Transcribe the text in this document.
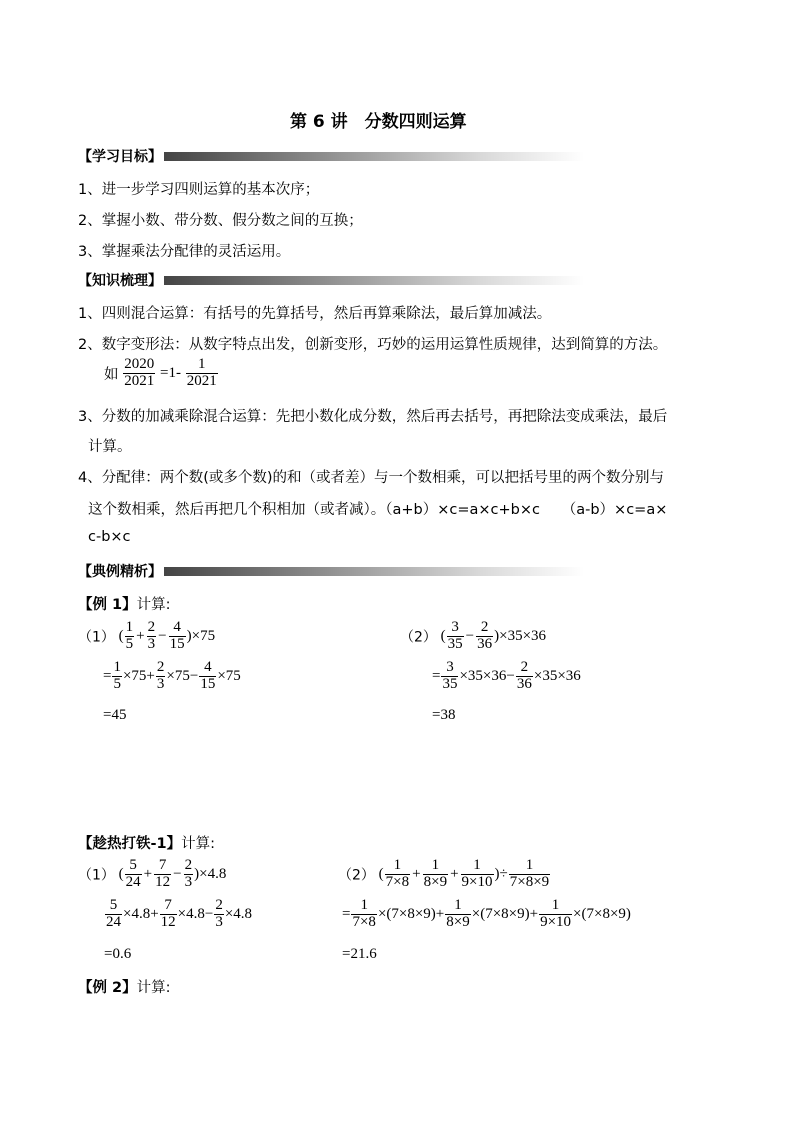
第 6 讲　分数四则运算
【学习目标】
1、进一步学习四则运算的基本次序；
2、掌握小数、带分数、假分数之间的互换；
3、掌握乘法分配律的灵活运用。
【知识梳理】
1、四则混合运算：有括号的先算括号，然后再算乘除法，最后算加减法。
2、数字变形法：从数字特点出发，创新变形，巧妙的运用运算性质规律，达到简算的方法。
如 $\frac{2020}{2021} =1- \frac{1}{2021}$
3、分数的加减乘除混合运算：先把小数化成分数，然后再去括号，再把除法变成乘法，最后
计算。
4、分配律：两个数(或多个数)的和（或者差）与一个数相乘，可以把括号里的两个数分别与
这个数相乘，然后再把几个积相加（或者减）。（a+b）×c=a×c+b×c　　（a-b）×c=a×
c-b×c
【典例精析】
【例 1】计算:
（1） ( $\frac{1}{5} + \frac{2}{3} - \frac{4}{15} )\times 75$
= $\frac{1}{5} \times 75+ \frac{2}{3} \times 75- \frac{4}{15} \times 75$
=45
（2） ( $\frac{3}{35} - \frac{2}{36} )\times 35\times 36$
= $\frac{3}{35} \times 35\times 36- \frac{2}{36} \times 35\times 36$
=38
【趁热打铁-1】计算:
（1） ( $\frac{5}{24} + \frac{7}{12} - \frac{2}{3} )\times 4.8$
$\frac{5}{24} \times 4.8+ \frac{7}{12} \times 4.8- \frac{2}{3} \times 4.8$
=0.6
（2） ( $\frac{1}{7\times 8} + \frac{1}{8\times 9} + \frac{1}{9\times 10}$ )÷ $\frac{1}{7\times 8\times 9}$
= $\frac{1}{7\times 8} \times(7\times 8\times 9)+ \frac{1}{8\times 9} \times(7\times 8\times 9)+ \frac{1}{9\times 10} \times(7\times 8\times 9)$
=21.6
【例 2】计算:
